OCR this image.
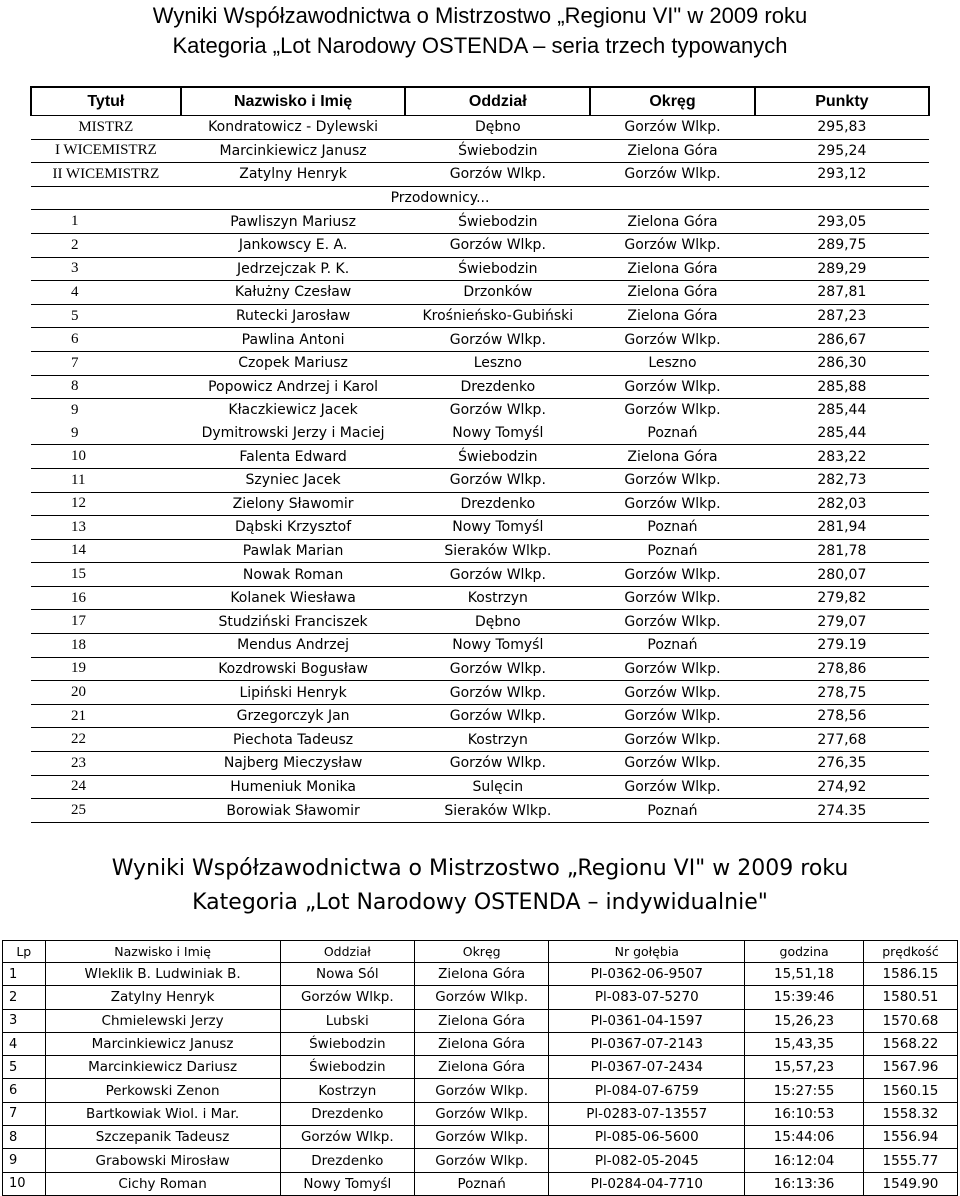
Wyniki Współzawodnictwa o Mistrzostwo „Regionu VI" w 2009 roku
Kategoria „Lot Narodowy OSTENDA – seria trzech typowanych
Tytuł	Nazwisko i Imię	Oddział	Okręg	Punkty
MISTRZ	Kondratowicz - Dylewski	Dębno	Gorzów Wlkp.	295,83
I WICEMISTRZ	Marcinkiewicz Janusz	Świebodzin	Zielona Góra	295,24
II WICEMISTRZ	Zatylny Henryk	Gorzów Wlkp.	Gorzów Wlkp.	293,12
Przodownicy...				
1	Pawliszyn Mariusz	Świebodzin	Zielona Góra	293,05
2	Jankowscy E. A.	Gorzów Wlkp.	Gorzów Wlkp.	289,75
3	Jedrzejczak P. K.	Świebodzin	Zielona Góra	289,29
4	Kałużny Czesław	Drzonków	Zielona Góra	287,81
5	Rutecki Jarosław	Krośnieńsko-Gubiński	Zielona Góra	287,23
6	Pawlina Antoni	Gorzów Wlkp.	Gorzów Wlkp.	286,67
7	Czopek Mariusz	Leszno	Leszno	286,30
8	Popowicz Andrzej i Karol	Drezdenko	Gorzów Wlkp.	285,88
9	Kłaczkiewicz Jacek	Gorzów Wlkp.	Gorzów Wlkp.	285,44
9	Dymitrowski Jerzy i Maciej	Nowy Tomyśl	Poznań	285,44
10	Falenta Edward	Świebodzin	Zielona Góra	283,22
11	Szyniec Jacek	Gorzów Wlkp.	Gorzów Wlkp.	282,73
12	Zielony Sławomir	Drezdenko	Gorzów Wlkp.	282,03
13	Dąbski Krzysztof	Nowy Tomyśl	Poznań	281,94
14	Pawlak Marian	Sieraków Wlkp.	Poznań	281,78
15	Nowak Roman	Gorzów Wlkp.	Gorzów Wlkp.	280,07
16	Kolanek Wiesława	Kostrzyn	Gorzów Wlkp.	279,82
17	Studziński Franciszek	Dębno	Gorzów Wlkp.	279,07
18	Mendus Andrzej	Nowy Tomyśl	Poznań	279.19
19	Kozdrowski Bogusław	Gorzów Wlkp.	Gorzów Wlkp.	278,86
20	Lipiński Henryk	Gorzów Wlkp.	Gorzów Wlkp.	278,75
21	Grzegorczyk Jan	Gorzów Wlkp.	Gorzów Wlkp.	278,56
22	Piechota Tadeusz	Kostrzyn	Gorzów Wlkp.	277,68
23	Najberg Mieczysław	Gorzów Wlkp.	Gorzów Wlkp.	276,35
24	Humeniuk Monika	Sulęcin	Gorzów Wlkp.	274,92
25	Borowiak Sławomir	Sieraków Wlkp.	Poznań	274.35
Wyniki Współzawodnictwa o Mistrzostwo „Regionu VI" w 2009 roku
Kategoria „Lot Narodowy OSTENDA – indywidualnie"
Lp	Nazwisko i Imię	Oddział	Okręg	Nr gołębia	godzina	prędkość
1	Wleklik B. Ludwiniak B.	Nowa Sól	Zielona Góra	Pl-0362-06-9507	15,51,18	1586.15
2	Zatylny Henryk	Gorzów Wlkp.	Gorzów Wlkp.	Pl-083-07-5270	15:39:46	1580.51
3	Chmielewski Jerzy	Lubski	Zielona Góra	Pl-0361-04-1597	15,26,23	1570.68
4	Marcinkiewicz Janusz	Świebodzin	Zielona Góra	Pl-0367-07-2143	15,43,35	1568.22
5	Marcinkiewicz Dariusz	Świebodzin	Zielona Góra	Pl-0367-07-2434	15,57,23	1567.96
6	Perkowski Zenon	Kostrzyn	Gorzów Wlkp.	Pl-084-07-6759	15:27:55	1560.15
7	Bartkowiak Wiol. i Mar.	Drezdenko	Gorzów Wlkp.	Pl-0283-07-13557	16:10:53	1558.32
8	Szczepanik Tadeusz	Gorzów Wlkp.	Gorzów Wlkp.	Pl-085-06-5600	15:44:06	1556.94
9	Grabowski Mirosław	Drezdenko	Gorzów Wlkp.	Pl-082-05-2045	16:12:04	1555.77
10	Cichy Roman	Nowy Tomyśl	Poznań	Pl-0284-04-7710	16:13:36	1549.90
